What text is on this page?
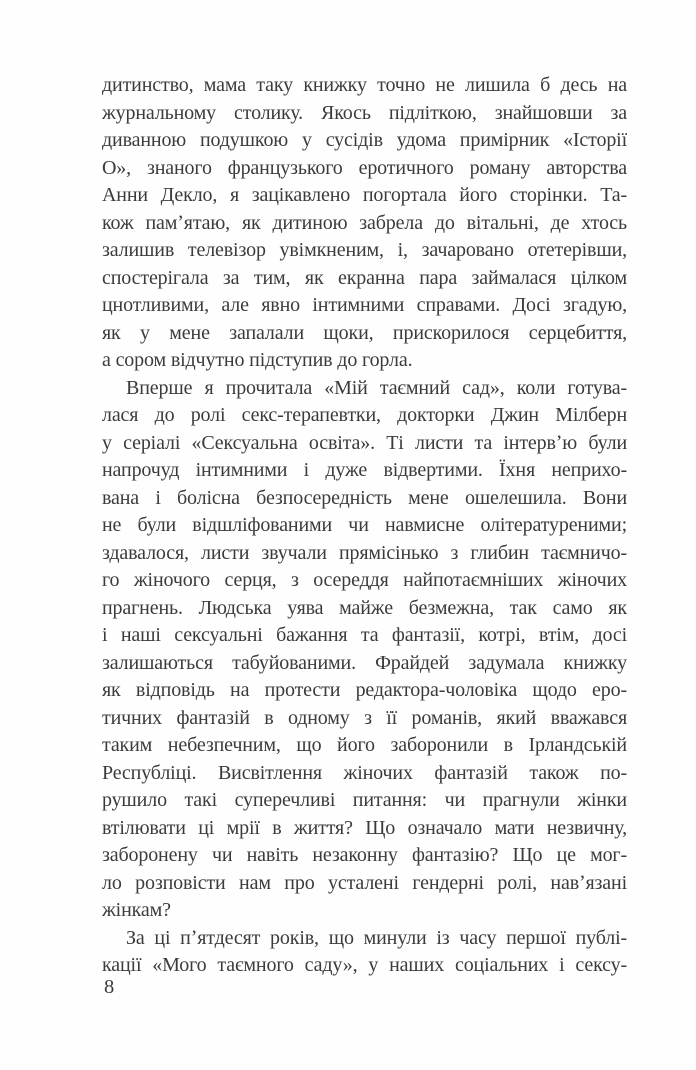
дитинство, мама таку книжку точно не лишила б десь на
журнальному столику. Якось підліткою, знайшовши за
диванною подушкою у сусідів удома примірник «Історії
О», знаного французького еротичного роману авторства
Анни Декло, я зацікавлено погортала його сторінки. Та-
кож памʼятаю, як дитиною забрела до вітальні, де хтось
залишив телевізор увімкненим, і, зачаровано отетерівши,
спостерігала за тим, як екранна пара займалася цілком
цнотливими, але явно інтимними справами. Досі згадую,
як у мене запалали щоки, прискорилося серцебиття,
а сором відчутно підступив до горла.

Вперше я прочитала «Мій таємний сад», коли готува-
лася до ролі секс-терапевтки, докторки Джин Мілберн
у серіалі «Сексуальна освіта». Ті листи та інтервʼю були
напрочуд інтимними і дуже відвертими. Їхня неприхо-
вана і болісна безпосередність мене ошелешила. Вони
не були відшліфованими чи навмисне олітературеними;
здавалося, листи звучали прямісінько з глибин таємничо-
го жіночого серця, з осереддя найпотаємніших жіночих
прагнень. Людська уява майже безмежна, так само як
і наші сексуальні бажання та фантазії, котрі, втім, досі
залишаються табуйованими. Фрайдей задумала книжку
як відповідь на протести редактора-чоловіка щодо еро-
тичних фантазій в одному з її романів, який вважався
таким небезпечним, що його заборонили в Ірландській
Республіці. Висвітлення жіночих фантазій також по-
рушило такі суперечливі питання: чи прагнули жінки
втілювати ці мрії в життя? Що означало мати незвичну,
заборонену чи навіть незаконну фантазію? Що це мог-
ло розповісти нам про усталені гендерні ролі, навʼязані
жінкам?

За ці пʼятдесят років, що минули із часу першої публі-
кації «Мого таємного саду», у наших соціальних і сексу-

8
